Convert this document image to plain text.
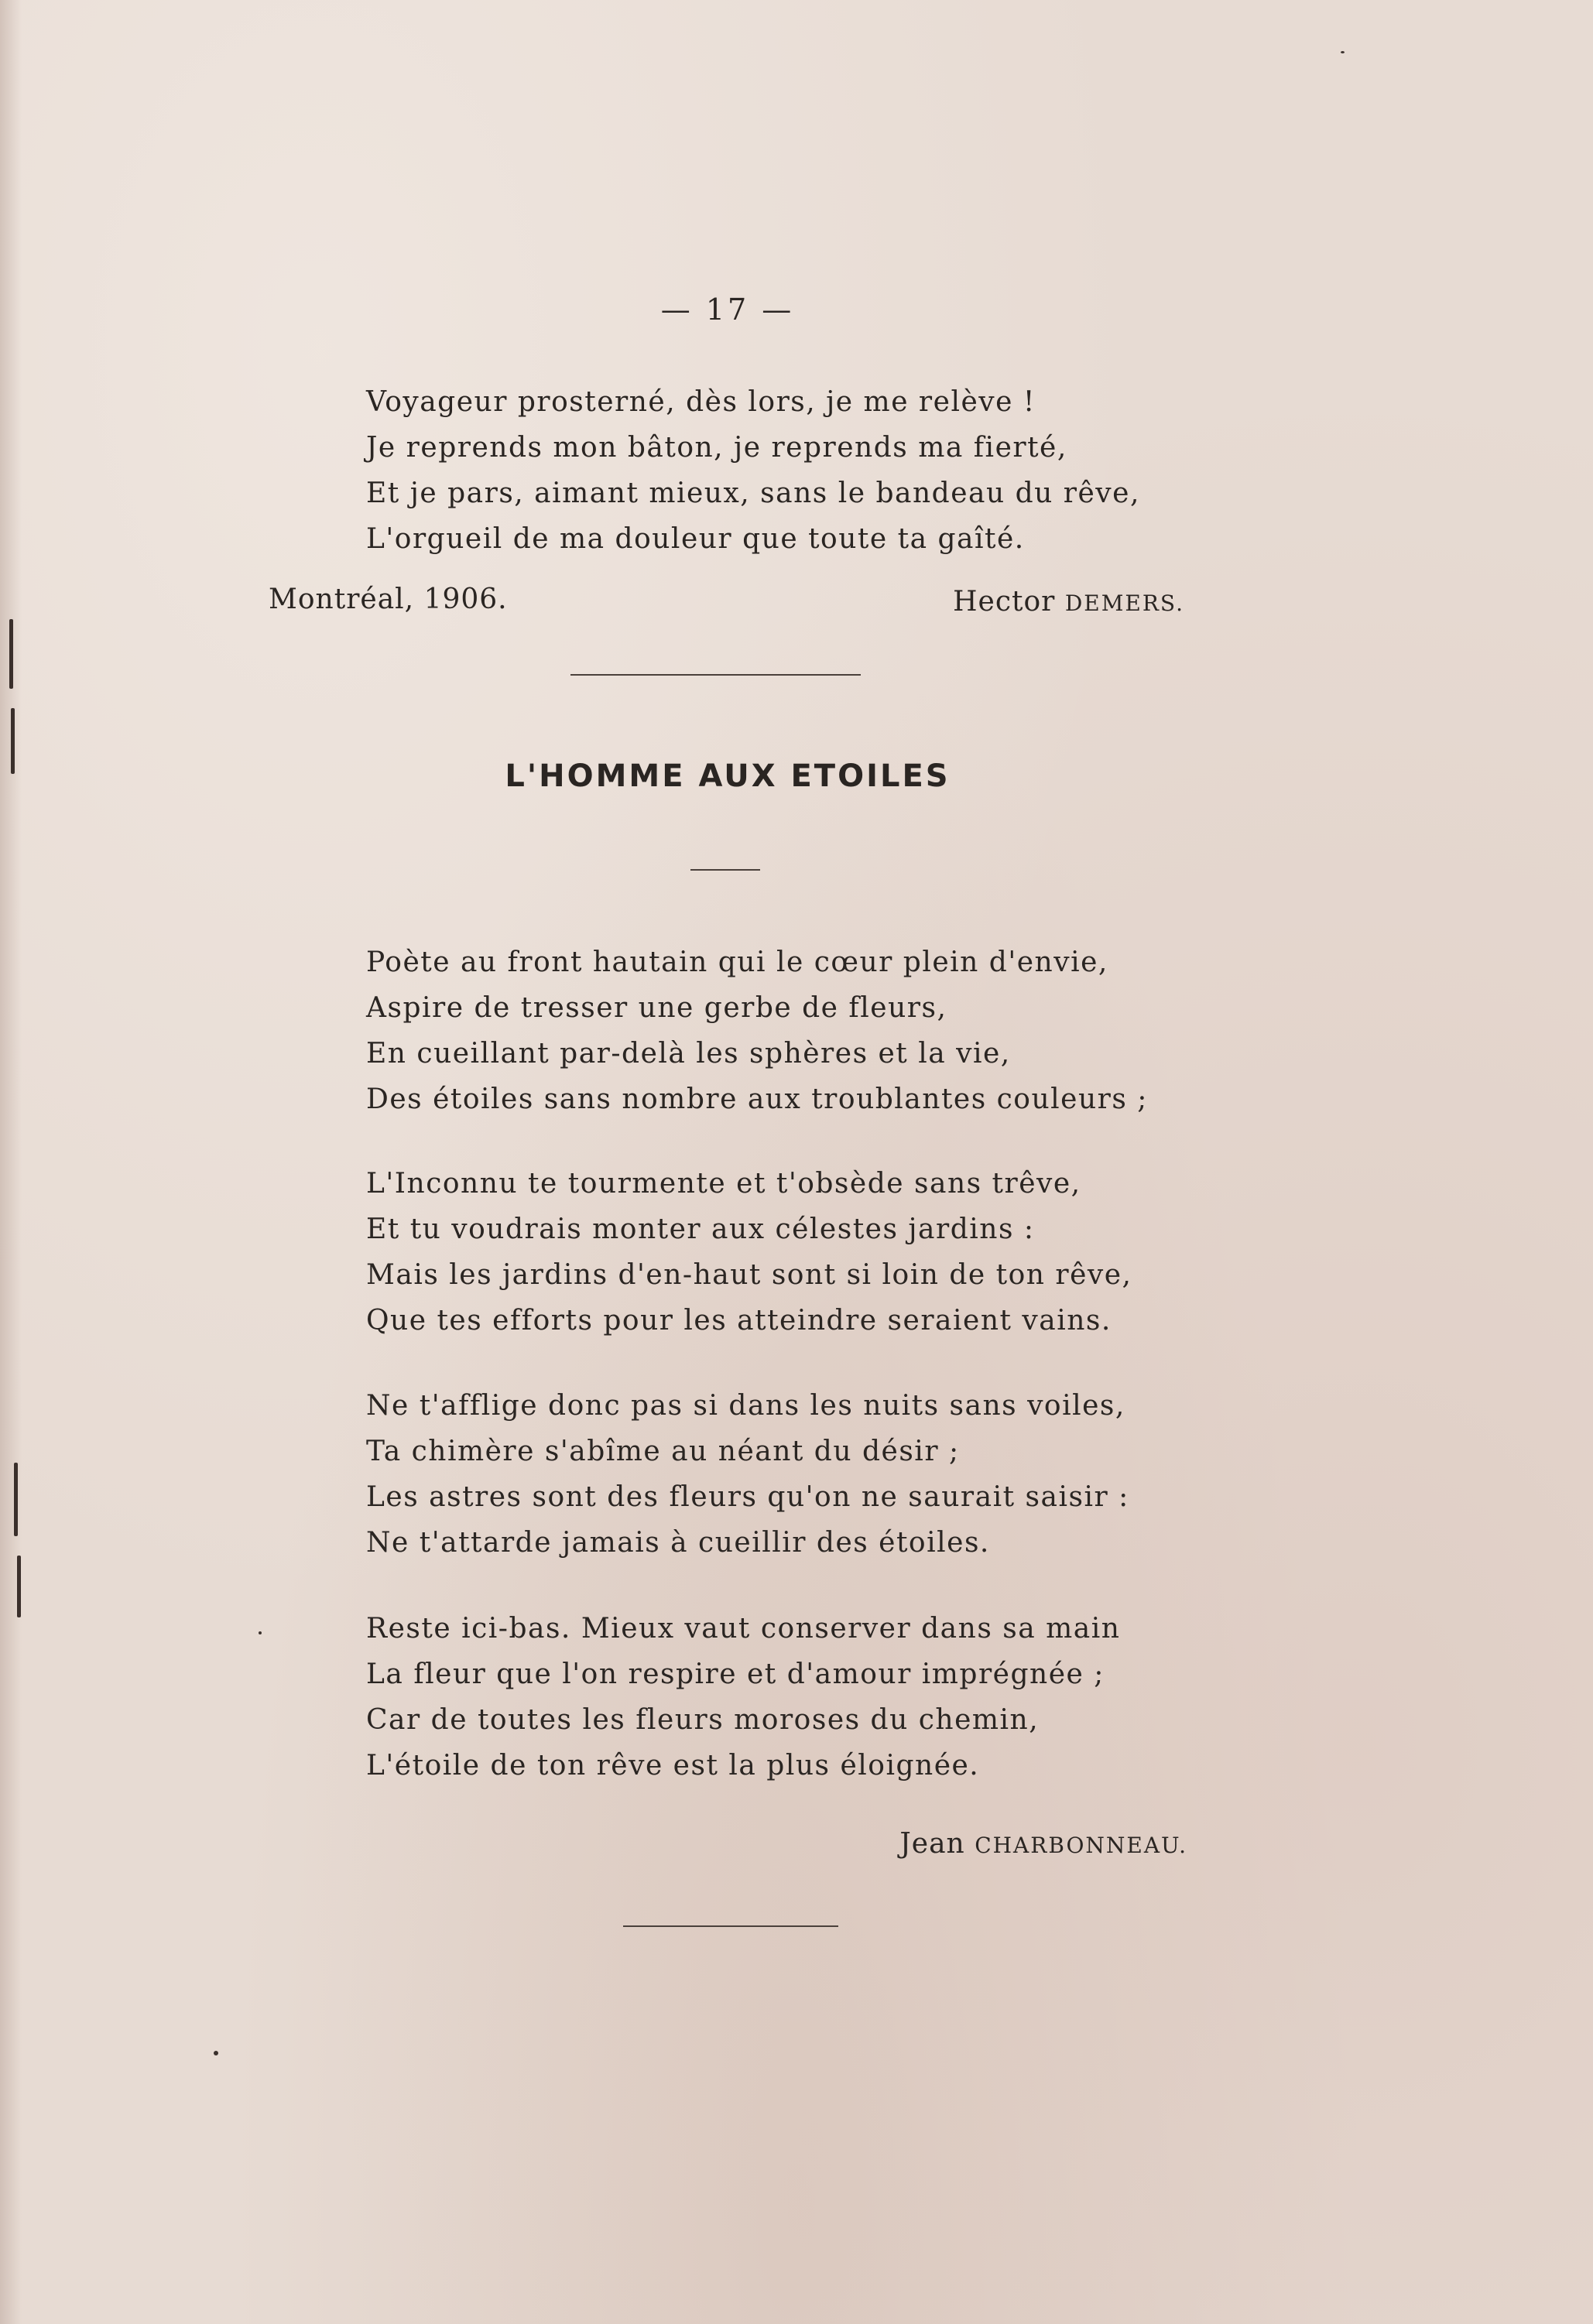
— 17 —
Voyageur prosterné, dès lors, je me relève !
Je reprends mon bâton, je reprends ma fierté,
Et je pars, aimant mieux, sans le bandeau du rêve,
L'orgueil de ma douleur que toute ta gaîté.
Montréal, 1906.	Hector DEMERS.
L'HOMME AUX ETOILES
Poète au front hautain qui le cœur plein d'envie,
Aspire de tresser une gerbe de fleurs,
En cueillant par-delà les sphères et la vie,
Des étoiles sans nombre aux troublantes couleurs ;
L'Inconnu te tourmente et t'obsède sans trêve,
Et tu voudrais monter aux célestes jardins :
Mais les jardins d'en-haut sont si loin de ton rêve,
Que tes efforts pour les atteindre seraient vains.
Ne t'afflige donc pas si dans les nuits sans voiles,
Ta chimère s'abîme au néant du désir ;
Les astres sont des fleurs qu'on ne saurait saisir :
Ne t'attarde jamais à cueillir des étoiles.
Reste ici-bas. Mieux vaut conserver dans sa main
La fleur que l'on respire et d'amour imprégnée ;
Car de toutes les fleurs moroses du chemin,
L'étoile de ton rêve est la plus éloignée.
Jean CHARBONNEAU.
